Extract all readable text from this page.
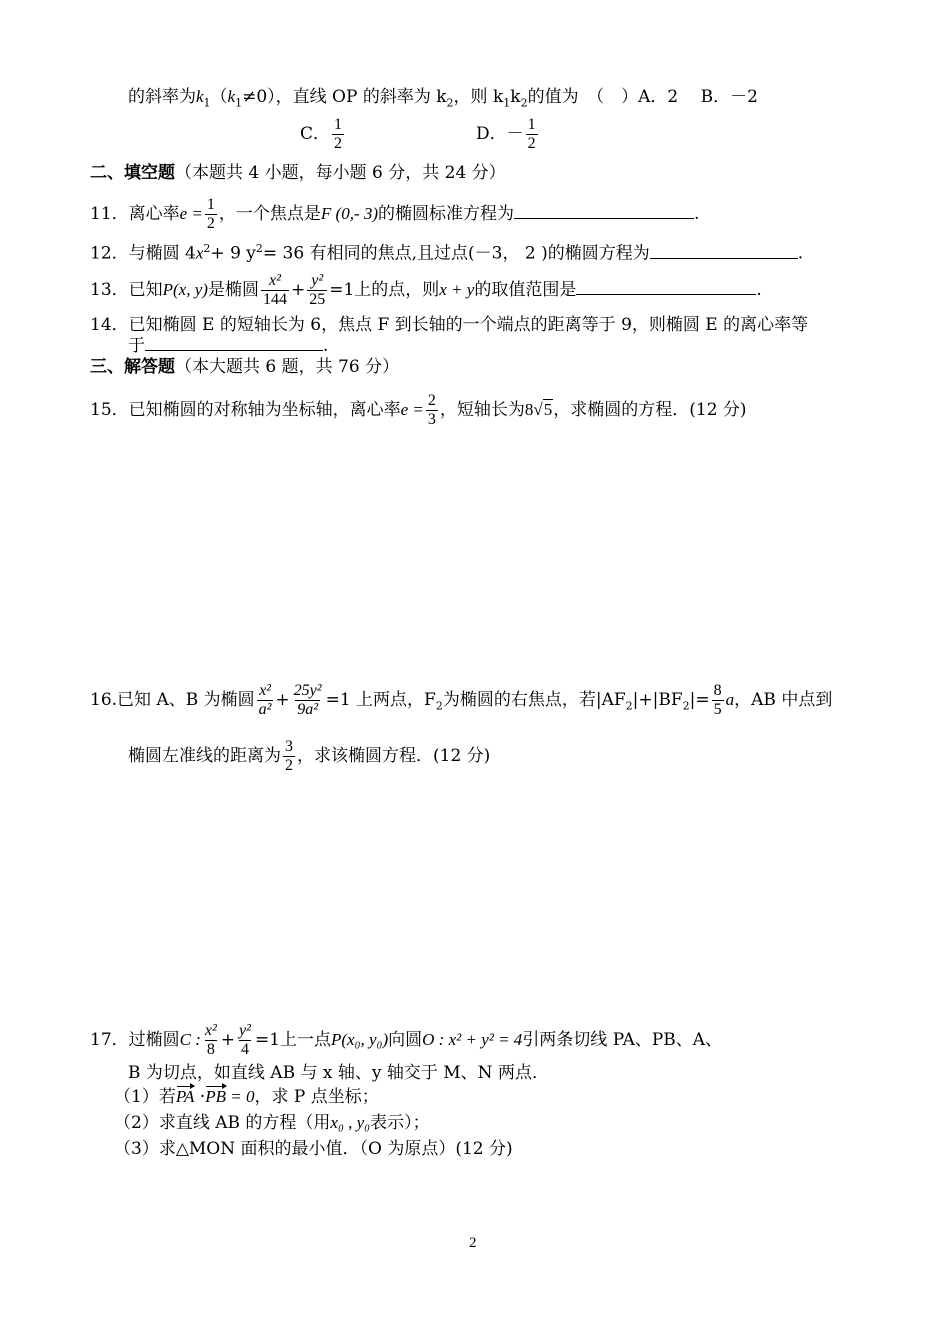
的斜率为$k_1(k_1\ne 0)$，直线 OP 的斜率为 $k_2$，则 $k_1k_2$的值为　（　）A．2　 B．－2
C． $\frac{1}{2}$	D．－ $\frac{1}{2}$
二、填空题（本题共 4 小题，每小题 6 分，共 24 分）
11．离心率$e = \frac{1}{2}$ ，一个焦点是F (0,- 3)的椭圆标准方程为	.
12．与椭圆 $4x^2+ 9$ $y^2= 36$ 有相同的焦点,且过点(－3， 2 )的椭圆方程为	.
13．已知P(x, y)是椭圆 $\frac{\text{x²}}{144} + \frac{\text{y²}}{25} =1$上的点，则x + y的取值范围是	.
14．已知椭圆 E 的短轴长为 6，焦点 F 到长轴的一个端点的距离等于 9，则椭圆 E 的离心率等
于	.
三、解答题（本大题共 6 题，共 76 分）
15．已知椭圆的对称轴为坐标轴，离心率$e = \frac{2}{3}$ ，短轴长为8√5，求椭圆的方程．(12 分)
16.已知 A、B 为椭圆 $\frac{\text{x²}}{\text{a²}} + \frac{\text{25y²}}{\text{9a²}} =1$ 上两点，$F_2$为椭圆的右焦点，若$|AF_2|+|BF_2|= \frac{8}{5}$ a，AB 中点到
椭圆左准线的距离为 $\frac{3}{2}$ ，求该椭圆方程．(12 分)
17．过椭圆C : $\frac{\text{x²}}{8} + \frac{\text{y²}}{4} =1$上一点P(x₀, y₀)向圆O : x² + y² = 4引两条切线 PA、PB、A、
B 为切点，如直线 AB 与 x 轴、y 轴交于 M、N 两点．
（1）若PA ·PB = 0，求 P 点坐标；
（2）求直线 AB 的方程（用x₀ , y₀表示）；
（3）求△MON 面积的最小值．（O 为原点）(12 分)
2
